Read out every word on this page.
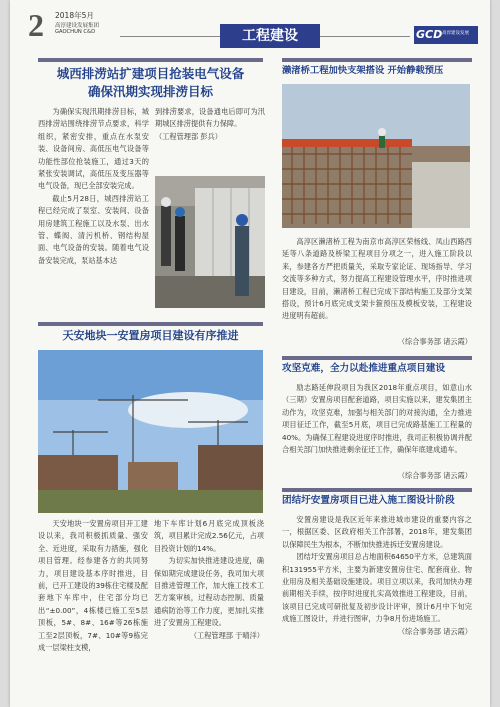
2 2018年5月
高淳建设发展集团
GAOCHUN C&D	工程建设	GCD 高淳建设发展
城西排涝站扩建项目抢装电气设备
确保汛期实现排涝目标

为确保实现汛期排涝目标，城西排涝站围绕排涝节点要求，科学组织，紧密安排，重点在水泵安装、设备间房、高低压电气设备等功能性部位抢装施工，通过3天的紧张安装调试，高低压及变压器等电气设备，现已全部安装完成。

截止5月28日，城西排涝站工程已经完成了泵室、安装间、设备用房建筑工程施工以及水泵、出水管、蝶阀、清污机桥、钢结构屋面、电气设备的安装。随着电气设备安装完成，泵站基本达

到排涝要求，设备通电后即可为汛期城区排涝提供有力保障。

（工程管理部 彭兵）

濑渚桥工程加快支架搭设 开始静载预压

高淳区濑渚桥工程为南京市高淳区荣杨线、凤山西路西延等八条道路及桥梁工程项目分项之一，进入施工阶段以来，参建各方严把质量关，采取专家论证、现场指导、学习交流等多种方式，努力提高工程建设管理水平，序时推进项目建设，目前，濑渚桥工程已完成下部结构施工及部分支架搭设，预计6月底完成支架卡箍预压及模板安装，工程建设进度明有超前。

（综合事务部 诸云霞）

天安地块一安置房项目建设有序推进

天安地块一安置房项目开工建设以来，我司积极抓质量、强安全、近进度，采取有力措施，强化项目管理。经参建各方的共同努力，项目建设基本序时推进，目前，已开工建设的39栋住宅楼及配套地下车库中，住宅部分均已出“±0.00”，4栋楼已施工至5层顶板，5#、8#、16#等26栋施工至2层顶板，7#、10#等9栋完成一层梁柱支模，

地下车库计划6月底完成顶板浇筑，项目累计完成2.56亿元，占项目投资计划的14%。

为切实加快推进建设进度，确保如期完成建设任务，我司加大项目推进管理工作，加大施工技术工艺方案审核，过程动态控制、质量通病防治等工作力度，更加扎实推进了安置房工程建设。

（工程管理部 于晴洋）

攻坚克难，全力以赴推进重点项目建设

励志路延伸段项目为我区2018年重点项目，如意山水（三期）安置房项目配套道路，项目实施以来，建发集团主动作为，攻坚克难，加强与相关部门的对接沟通，全力推进项目征迁工作，截至5月底，项目已完成路基施工工程量的40%。为确保工程建设进度序时推进，我司正积极协调并配合相关部门加快推进剩余征迁工作，确保年底建成通车。

（综合事务部 诸云霞）

团结圩安置房项目已进入施工图设计阶段

安置房建设是我区近年来推进城市建设的重要内容之一，根据区委、区政府相关工作部署，2018年，建发集团以保障民生为根本，不断加快推进拆迁安置房建设。

团结圩安置房项目总占地面积64650平方米，总建筑面积131955平方米，主要为新建安置房住宅、配套商业、物业用房及相关基础设施建设。项目立项以来，我司加快办理前期相关手续，按序时进度扎实高效推进工程建设，目前，该项目已完成可研批复及初步设计评审，预计6月中下旬完成施工图设计，并进行图审，力争8月份进场施工。

（综合事务部 诸云霞）
